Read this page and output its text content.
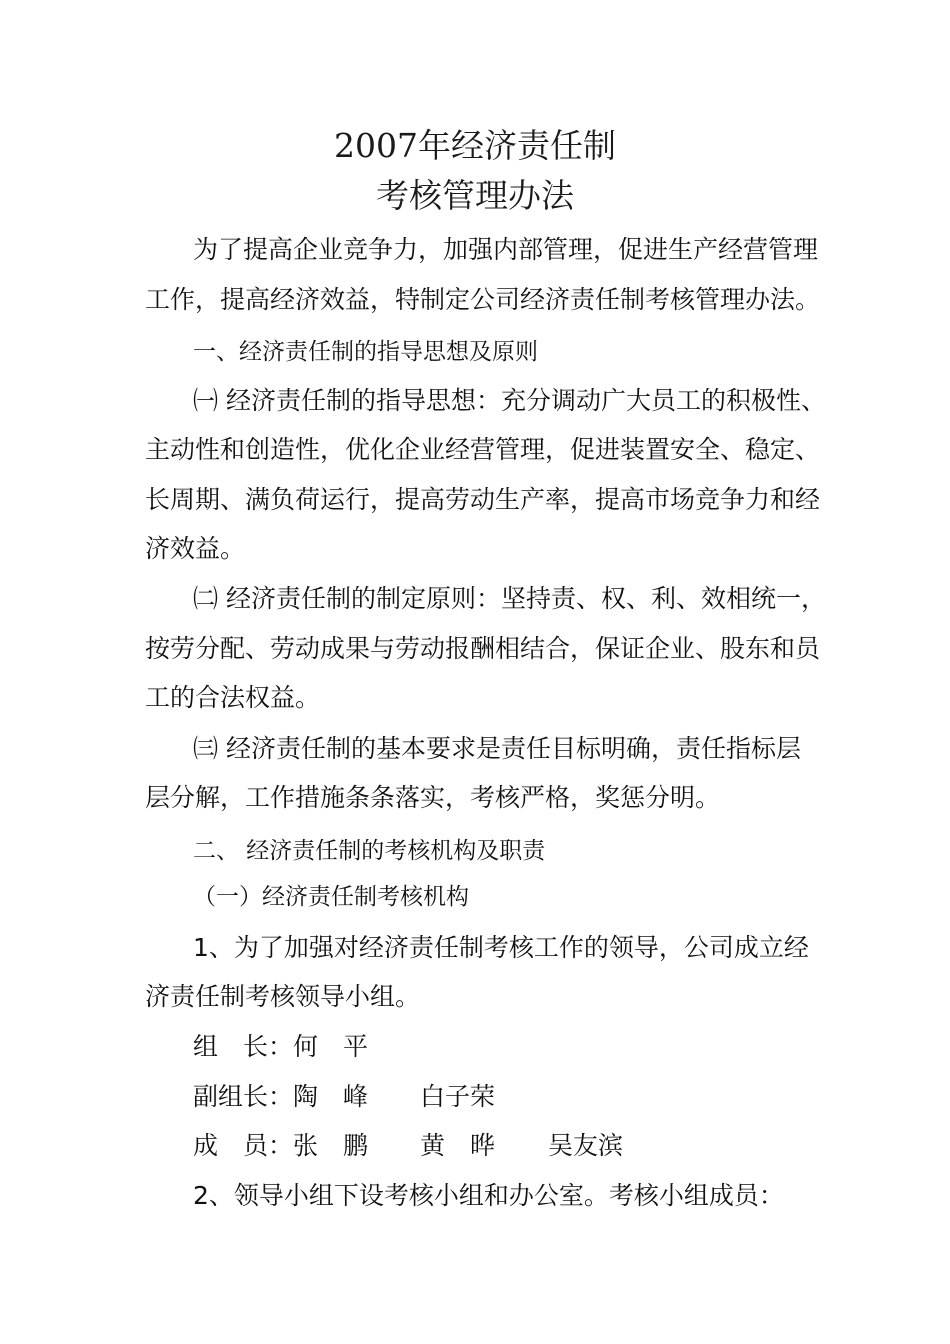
2007年经济责任制
考核管理办法
为了提高企业竞争力，加强内部管理，促进生产经营管理
工作，提高经济效益，特制定公司经济责任制考核管理办法。
一、经济责任制的指导思想及原则
㈠ 经济责任制的指导思想：充分调动广大员工的积极性、
主动性和创造性，优化企业经营管理，促进装置安全、稳定、
长周期、满负荷运行，提高劳动生产率，提高市场竞争力和经
济效益。
㈡ 经济责任制的制定原则：坚持责、权、利、效相统一，
按劳分配、劳动成果与劳动报酬相结合，保证企业、股东和员
工的合法权益。
㈢ 经济责任制的基本要求是责任目标明确，责任指标层
层分解，工作措施条条落实，考核严格，奖惩分明。
二、 经济责任制的考核机构及职责
（一）经济责任制考核机构
1、为了加强对经济责任制考核工作的领导，公司成立经
济责任制考核领导小组。
组　长：何　平
副组长：陶　峰 白子荣
成　员：张　鹏 黄　晔 吴友滨
2、领导小组下设考核小组和办公室。考核小组成员：
